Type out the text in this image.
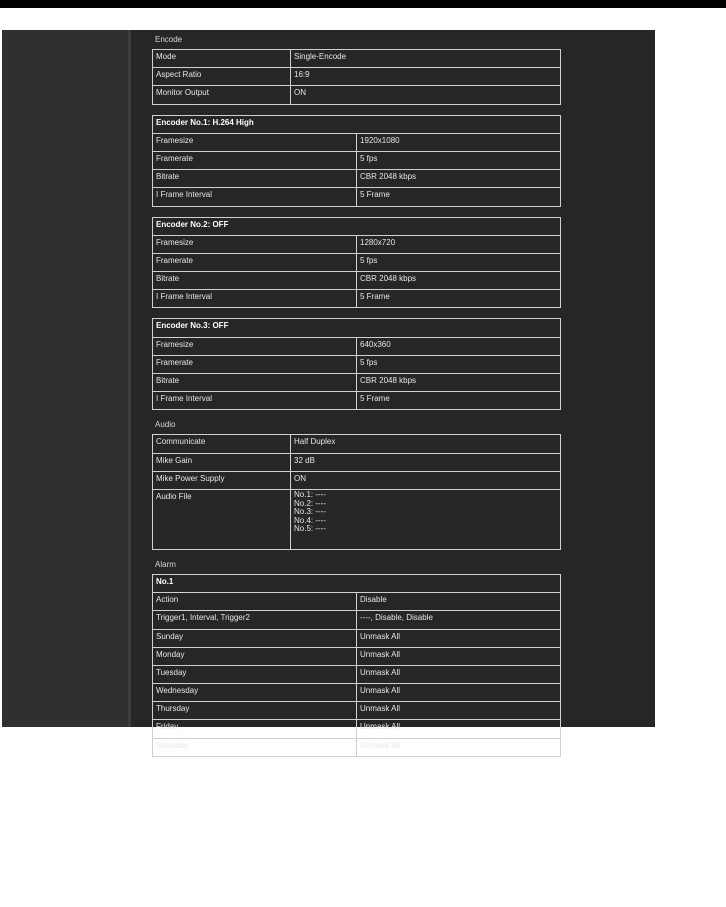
Encode
Mode	Single-Encode
Aspect Ratio	16:9
Monitor Output	ON
Encoder No.1: H.264 High	
Framesize	1920x1080
Framerate	5 fps
Bitrate	CBR 2048 kbps
I Frame Interval	5 Frame
Encoder No.2: OFF	
Framesize	1280x720
Framerate	5 fps
Bitrate	CBR 2048 kbps
I Frame Interval	5 Frame
Encoder No.3: OFF	
Framesize	640x360
Framerate	5 fps
Bitrate	CBR 2048 kbps
I Frame Interval	5 Frame
Audio
Communicate	Half Duplex
Mike Gain	32 dB
Mike Power Supply	ON
Audio File	No.1: ----
No.2: ----
No.3: ----
No.4: ----
No.5: ----
Alarm
No.1	
Action	Disable
Trigger1, Interval, Trigger2	----, Disable, Disable
Sunday	Unmask All
Monday	Unmask All
Tuesday	Unmask All
Wednesday	Unmask All
Thursday	Unmask All
Friday	Unmask All
Saturday	Unmask All
